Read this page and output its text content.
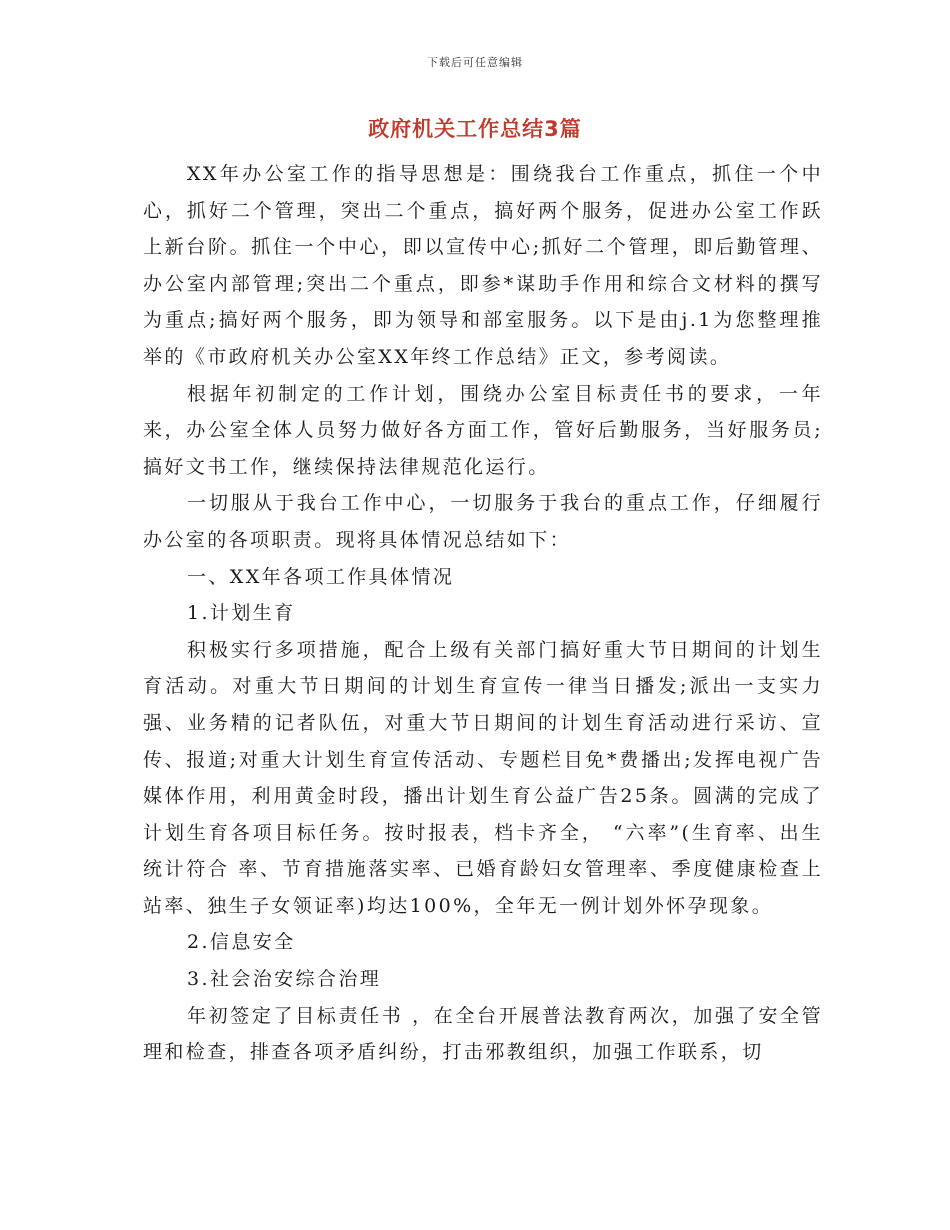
下载后可任意编辑
政府机关工作总结3篇

XX年办公室工作的指导思想是：围绕我台工作重点，抓住一个中心，抓好二个管理，突出二个重点，搞好两个服务，促进办公室工作跃上新台阶。抓住一个中心，即以宣传中心;抓好二个管理，即后勤管理、办公室内部管理;突出二个重点，即参*谋助手作用和综合文材料的撰写为重点;搞好两个服务，即为领导和部室服务。以下是由j.1为您整理推举的《市政府机关办公室XX年终工作总结》正文，参考阅读。

根据年初制定的工作计划，围绕办公室目标责任书的要求，一年来，办公室全体人员努力做好各方面工作，管好后勤服务，当好服务员;搞好文书工作，继续保持法律规范化运行。

一切服从于我台工作中心，一切服务于我台的重点工作，仔细履行办公室的各项职责。现将具体情况总结如下：

一、XX年各项工作具体情况

1.计划生育

积极实行多项措施，配合上级有关部门搞好重大节日期间的计划生育活动。对重大节日期间的计划生育宣传一律当日播发;派出一支实力强、业务精的记者队伍，对重大节日期间的计划生育活动进行采访、宣传、报道;对重大计划生育宣传活动、专题栏目免*费播出;发挥电视广告媒体作用，利用黄金时段，播出计划生育公益广告25条。圆满的完成了计划生育各项目标任务。按时报表，档卡齐全， “六率”(生育率、出生统计符合 率、节育措施落实率、已婚育龄妇女管理率、季度健康检查上站率、独生子女领证率)均达100%，全年无一例计划外怀孕现象。

2.信息安全

3.社会治安综合治理

年初签定了目标责任书 ，在全台开展普法教育两次，加强了安全管理和检查，排查各项矛盾纠纷，打击邪教组织，加强工作联系，切
